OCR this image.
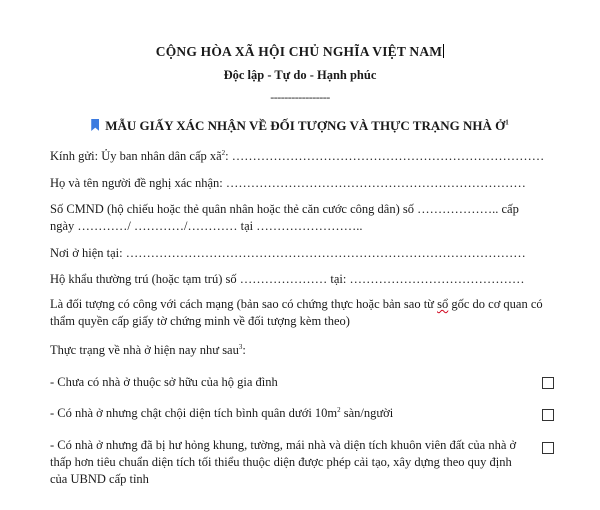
CỘNG HÒA XÃ HỘI CHỦ NGHĨA VIỆT NAM
Độc lập - Tự do - Hạnh phúc
-----------------
MẪU GIẤY XÁC NHẬN VỀ ĐỐI TƯỢNG VÀ THỰC TRẠNG NHÀ Ở$^1$
Kính gửi: Ủy ban nhân dân cấp $xã^2$: …………………………………………………………………
Họ và tên người đề nghị xác nhận: ………………………………………………………………
Số CMND (hộ chiếu hoặc thẻ quân nhân hoặc thẻ căn cước công dân) số ……………….. cấp
ngày …………/ …………/………… tại ……………………..
Nơi ở hiện tại: ……………………………………………………………………………………
Hộ khẩu thường trú (hoặc tạm trú) số ………………… tại: ……………………………………
Là đối tượng có công với cách mạng (bản sao có chứng thực hoặc bản sao từ sổ gốc do cơ quan có thẩm quyền cấp giấy tờ chứng minh về đối tượng kèm theo)
Thực trạng về nhà ở hiện nay như sau$^3$:
- Chưa có nhà ở thuộc sở hữu của hộ gia đình
- Có nhà ở nhưng chật chội diện tích bình quân dưới $10m^2$ sàn/người
- Có nhà ở nhưng đã bị hư hỏng khung, tường, mái nhà và diện tích khuôn viên đất của nhà ở thấp hơn tiêu chuẩn diện tích tối thiểu thuộc diện được phép cải tạo, xây dựng theo quy định của UBND cấp tỉnh
